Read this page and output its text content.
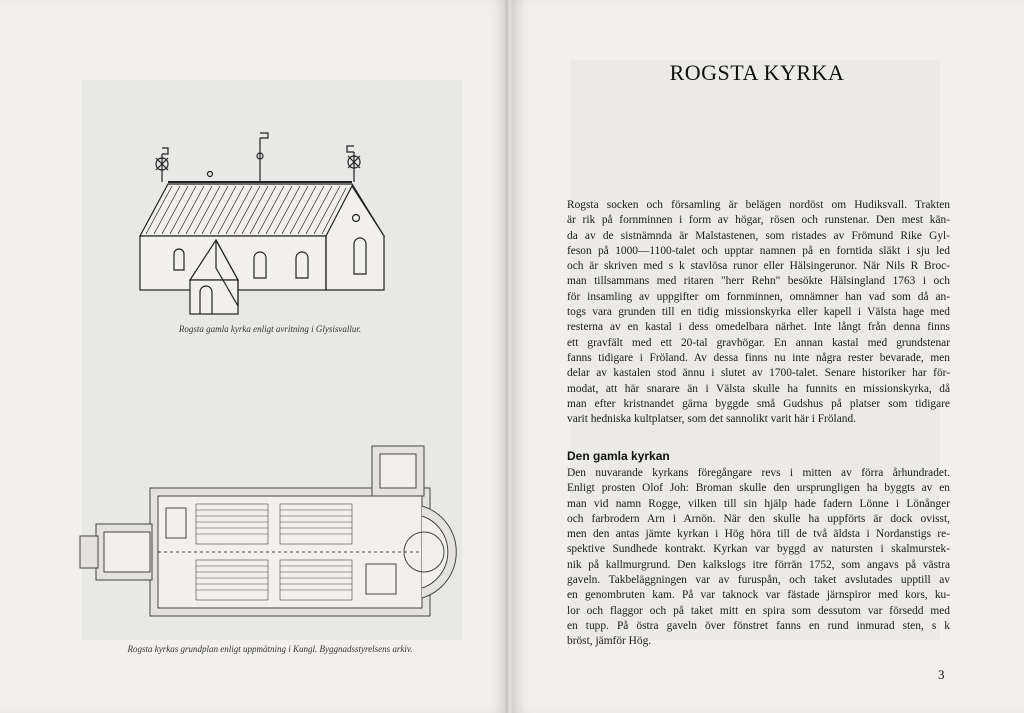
Rogsta gamla kyrka enligt avritning i Glysisvallur.
Rogsta kyrkas grundplan enligt uppmätning i Kungl. Byggnadsstyrelsens arkiv.
ROGSTA KYRKA
Rogsta socken och församling är belägen nordöst om Hudiksvall. Trakten
är rik på fornminnen i form av högar, rösen och runstenar. Den mest kän-
da av de sistnämnda är Malstastenen, som ristades av Frömund Rike Gyl-
feson på 1000—1100-talet och upptar namnen på en forntida släkt i sju led
och är skriven med s k stavlösa runor eller Hälsingerunor. När Nils R Broc-
man tillsammans med ritaren "herr Rehn" besökte Hälsingland 1763 i och
för insamling av uppgifter om fornminnen, omnämner han vad som då an-
togs vara grunden till en tidig missionskyrka eller kapell i Välsta hage med
resterna av en kastal i dess omedelbara närhet. Inte långt från denna finns
ett gravfält med ett 20-tal gravhögar. En annan kastal med grundstenar
fanns tidigare i Fröland. Av dessa finns nu inte några rester bevarade, men
delar av kastalen stod ännu i slutet av 1700-talet. Senare historiker har för-
modat, att här snarare än i Välsta skulle ha funnits en missionskyrka, då
man efter kristnandet gärna byggde små Gudshus på platser som tidigare
varit hedniska kultplatser, som det sannolikt varit här i Fröland.
Den gamla kyrkan
Den nuvarande kyrkans föregångare revs i mitten av förra århundradet.
Enligt prosten Olof Joh: Broman skulle den ursprungligen ha byggts av en
man vid namn Rogge, vilken till sin hjälp hade fadern Lönne i Lönånger
och farbrodern Arn i Arnön. När den skulle ha uppförts är dock ovisst,
men den antas jämte kyrkan i Hög höra till de två äldsta i Nordanstigs re-
spektive Sundhede kontrakt. Kyrkan var byggd av natursten i skalmurstek-
nik på kallmurgrund. Den kalkslogs itre förrän 1752, som angavs på västra
gaveln. Takbeläggningen var av furuspån, och taket avslutades upptill av
en genombruten kam. På var taknock var fästade järnspiror med kors, ku-
lor och flaggor och på taket mitt en spira som dessutom var försedd med
en tupp. På östra gaveln över fönstret fanns en rund inmurad sten, s k
bröst, jämför Hög.
3
